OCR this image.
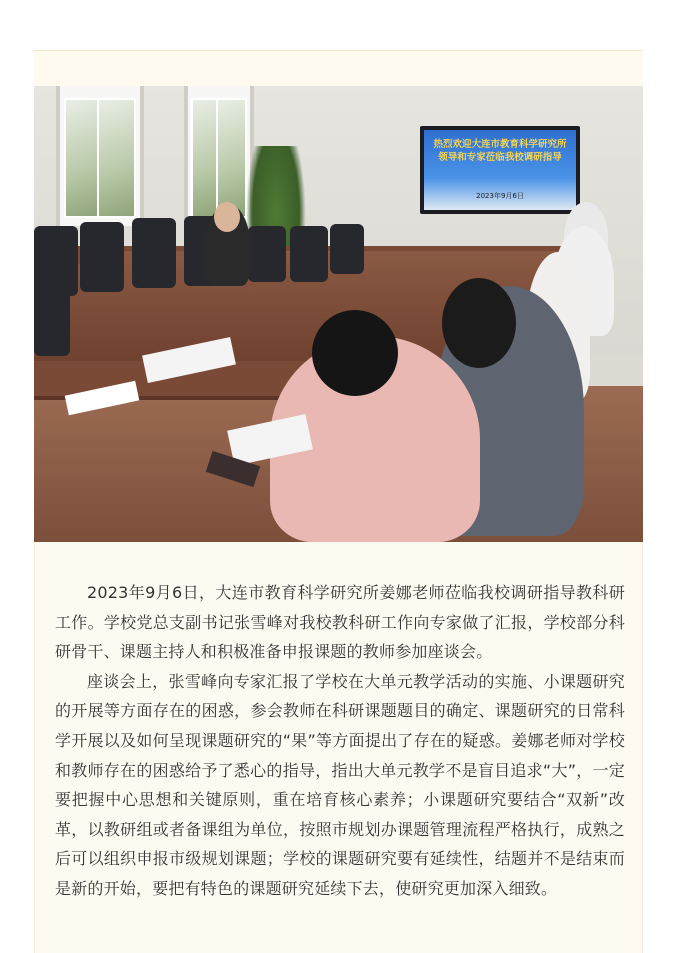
热烈欢迎大连市教育科学研究所
领导和专家莅临我校调研指导
2023年9月6日

2023年9月6日，大连市教育科学研究所姜娜老师莅临我校调研指导教科研工作。学校党总支副书记张雪峰对我校教科研工作向专家做了汇报，学校部分科研骨干、课题主持人和积极准备申报课题的教师参加座谈会。

座谈会上，张雪峰向专家汇报了学校在大单元教学活动的实施、小课题研究的开展等方面存在的困惑，参会教师在科研课题题目的确定、课题研究的日常科学开展以及如何呈现课题研究的“果”等方面提出了存在的疑惑。姜娜老师对学校和教师存在的困惑给予了悉心的指导，指出大单元教学不是盲目追求“大”，一定要把握中心思想和关键原则，重在培育核心素养；小课题研究要结合“双新”改革，以教研组或者备课组为单位，按照市规划办课题管理流程严格执行，成熟之后可以组织申报市级规划课题；学校的课题研究要有延续性，结题并不是结束而是新的开始，要把有特色的课题研究延续下去，使研究更加深入细致。
